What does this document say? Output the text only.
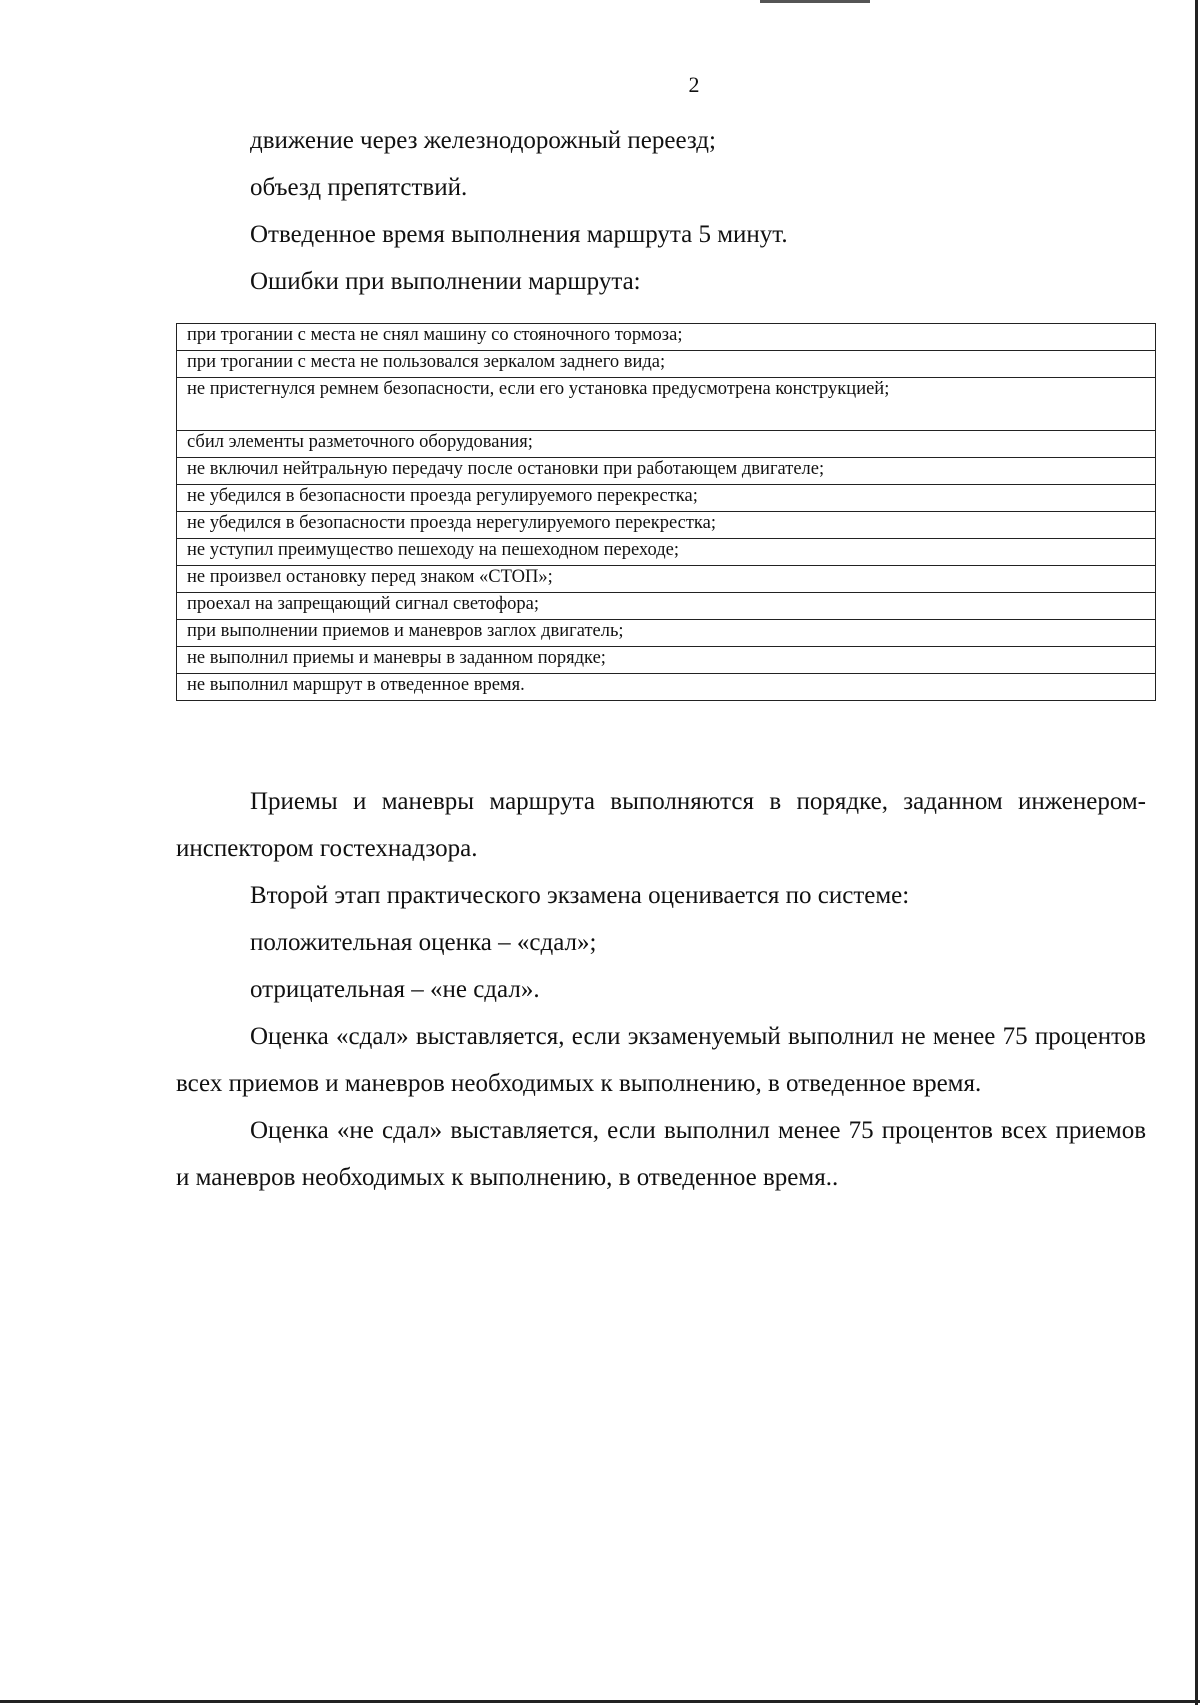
2

движение через железнодорожный переезд;

объезд препятствий.

Отведенное время выполнения маршрута 5 минут.

Ошибки при выполнении маршрута:

при трогании с места не снял машину со стояночного тормоза;
при трогании с места не пользовался зеркалом заднего вида;
не пристегнулся ремнем безопасности, если его установка предусмотрена конструкцией;
сбил элементы разметочного оборудования;
не включил нейтральную передачу после остановки при работающем двигателе;
не убедился в безопасности проезда регулируемого перекрестка;
не убедился в безопасности проезда нерегулируемого перекрестка;
не уступил преимущество пешеходу на пешеходном переходе;
не произвел остановку перед знаком «СТОП»;
проехал на запрещающий сигнал светофора;
при выполнении приемов и маневров заглох двигатель;
не выполнил приемы и маневры в заданном порядке;
не выполнил маршрут в отведенное время.

Приемы и маневры маршрута выполняются в порядке, заданном инженером-инспектором гостехнадзора.

Второй этап практического экзамена оценивается по системе:

положительная оценка – «сдал»;

отрицательная – «не сдал».

Оценка «сдал» выставляется, если экзаменуемый выполнил не менее 75 процентов всех приемов и маневров необходимых к выполнению, в отведенное время.

Оценка «не сдал» выставляется, если выполнил менее 75 процентов всех приемов и маневров необходимых к выполнению, в отведенное время..
